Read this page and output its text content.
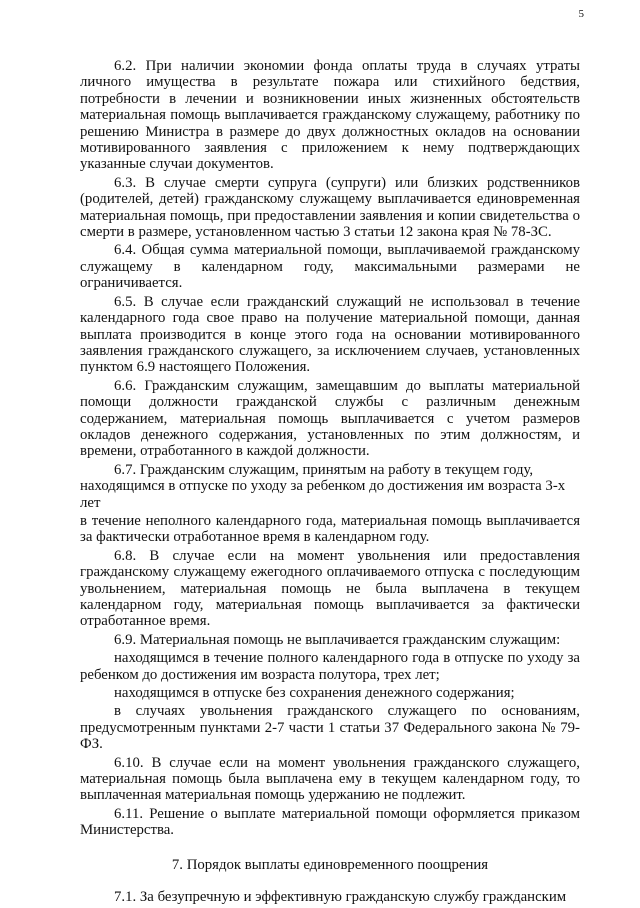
5

6.2. При наличии экономии фонда оплаты труда в случаях утраты личного имущества в результате пожара или стихийного бедствия, потребности в лечении и возникновении иных жизненных обстоятельств материальная помощь выплачивается гражданскому служащему, работнику по решению Министра в размере до двух должностных окладов на основании мотивированного заявления с приложением к нему подтверждающих указанные случаи документов.

6.3. В случае смерти супруга (супруги) или близких родственников (родителей, детей) гражданскому служащему выплачивается единовременная материальная помощь, при предоставлении заявления и копии свидетельства о смерти в размере, установленном частью 3 статьи 12 закона края № 78-ЗС.

6.4. Общая сумма материальной помощи, выплачиваемой гражданскому служащему в календарном году, максимальными размерами не ограничивается.

6.5. В случае если гражданский служащий не использовал в течение календарного года свое право на получение материальной помощи, данная выплата производится в конце этого года на основании мотивированного заявления гражданского служащего, за исключением случаев, установленных пунктом 6.9 настоящего Положения.

6.6. Гражданским служащим, замещавшим до выплаты материальной помощи должности гражданской службы с различным денежным содержанием, материальная помощь выплачивается с учетом размеров окладов денежного содержания, установленных по этим должностям, и времени, отработанного в каждой должности.

6.7. Гражданским служащим, принятым на работу в текущем году, находящимся в отпуске по уходу за ребенком до достижения им возраста 3-х лет

в течение неполного календарного года, материальная помощь выплачивается за фактически отработанное время в календарном году.

6.8. В случае если на момент увольнения или предоставления гражданскому служащему ежегодного оплачиваемого отпуска с последующим увольнением, материальная помощь не была выплачена в текущем календарном году, материальная помощь выплачивается за фактически отработанное время.

6.9. Материальная помощь не выплачивается гражданским служащим:

находящимся в течение полного календарного года в отпуске по уходу за ребенком до достижения им возраста полутора, трех лет;

находящимся в отпуске без сохранения денежного содержания;

в случаях увольнения гражданского служащего по основаниям, предусмотренным пунктами 2-7 части 1 статьи 37 Федерального закона № 79-ФЗ.

6.10. В случае если на момент увольнения гражданского служащего, материальная помощь была выплачена ему в текущем календарном году, то выплаченная материальная помощь удержанию не подлежит.

6.11. Решение о выплате материальной помощи оформляется приказом Министерства.

7. Порядок выплаты единовременного поощрения

7.1. За безупречную и эффективную гражданскую службу гражданским
